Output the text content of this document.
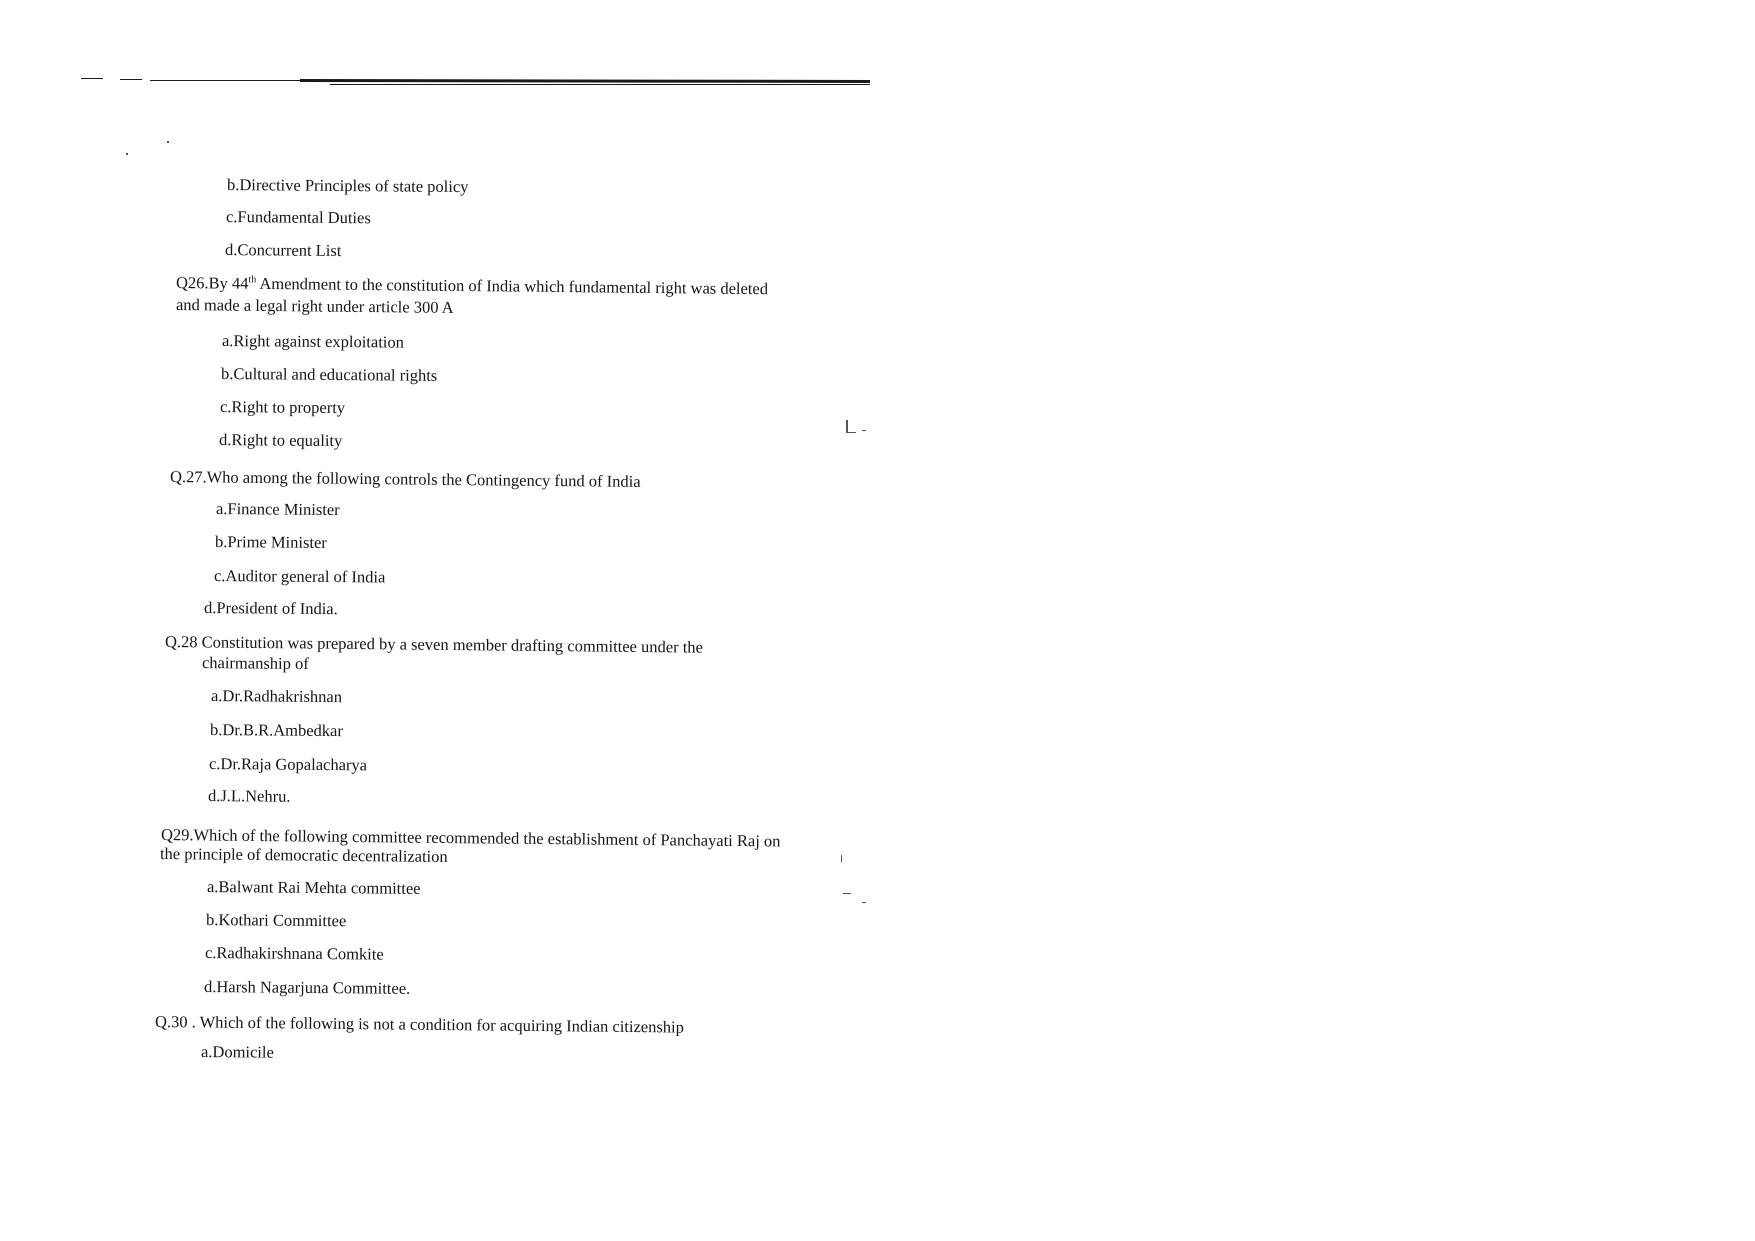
b.Directive Principles of state policy
c.Fundamental Duties
d.Concurrent List
Q26.By 44th Amendment to the constitution of India which fundamental right was deleted
and made a legal right under article 300 A
a.Right against exploitation
b.Cultural and educational rights
c.Right to property
d.Right to equality
Q.27.Who among the following controls the Contingency fund of India
a.Finance Minister
b.Prime Minister
c.Auditor general of India
d.President of India.
Q.28 Constitution was prepared by a seven member drafting committee under the
chairmanship of
a.Dr.Radhakrishnan
b.Dr.B.R.Ambedkar
c.Dr.Raja Gopalacharya
d.J.L.Nehru.
Q29.Which of the following committee recommended the establishment of Panchayati Raj on
the principle of democratic decentralization
a.Balwant Rai Mehta committee
b.Kothari Committee
c.Radhakirshnana Comkite
d.Harsh Nagarjuna Committee.
Q.30 . Which of the following is not a condition for acquiring Indian citizenship
a.Domicile
